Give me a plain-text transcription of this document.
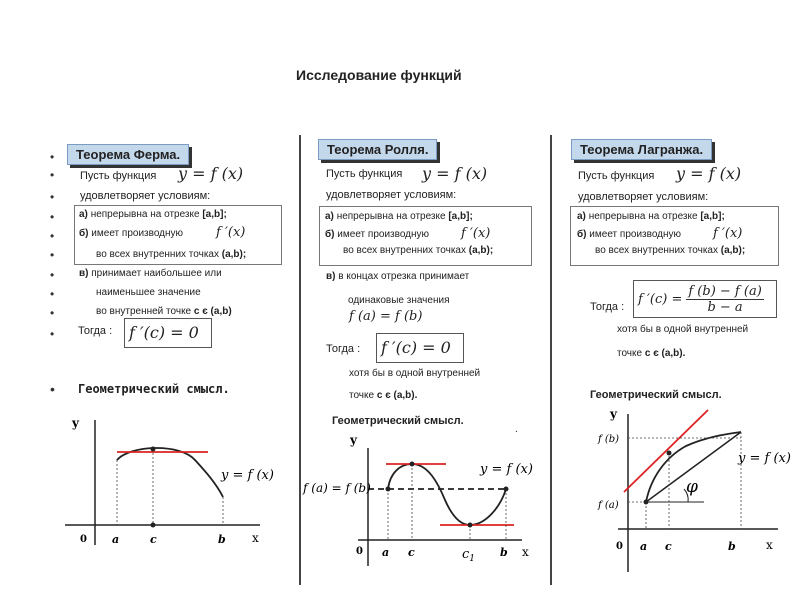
Исследование функций
Теорема Ферма.
•
•
•
•
•
•
•
•
•
•
•
Пусть функция y = f (x)
удовлетворяет условиям:
а) непрерывна на отрезке [a,b];
б) имеет производную	f ′(x)
во всех внутренних точках (a,b);
в) принимает наибольшее или
наименьшее значение
во внутренней точке c є (a,b)
Тогда :	f ′(c) = 0
Геометрический смысл.
y
x
0 a	c	b
y = f (x)
Теорема Ролля.
Пусть функция y = f (x)
удовлетворяет условиям:
а) непрерывна на отрезке [a,b];
б) имеет производную f ′(x)
во всех внутренних точках (a,b);
в) в концах отрезка принимает
одинаковые значения
f (a) = f (b)
Тогда :	f ′(c) = 0
хотя бы в одной внутренней
точке c є (a,b).
Геометрический смысл.
.
y
x
0 a c	$c_1$ b
f (a) = f (b)
y = f (x)
Теорема Лагранжа.
Пусть функция y = f (x)
удовлетворяет условиям:
а) непрерывна на отрезке [a,b];
б) имеет производную f ′(x)
во всех внутренних точках (a,b);
Тогда :
f $'(c) = \frac{f (b) - f (a)}{b - a}$
хотя бы в одной внутренней
точке c є (a,b).
Геометрический смысл.
y
x
0 a c	b
f (b)
f (a)
φ
y = f (x)
